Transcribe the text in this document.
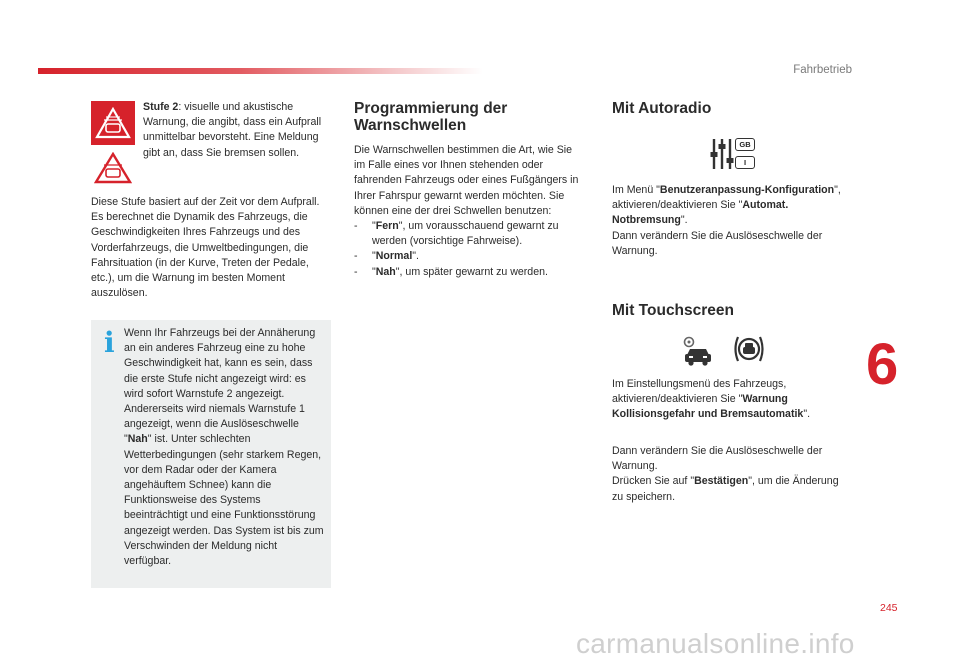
Fahrbetrieb

Stufe 2: visuelle und akustische Warnung, die angibt, dass ein Aufprall unmittelbar bevorsteht. Eine Meldung gibt an, dass Sie bremsen sollen.

Diese Stufe basiert auf der Zeit vor dem Aufprall. Es berechnet die Dynamik des Fahrzeugs, die Geschwindigkeiten Ihres Fahrzeugs und des Vorderfahrzeugs, die Umweltbedingungen, die Fahrsituation (in der Kurve, Treten der Pedale, etc.), um die Warnung im besten Moment auszulösen.

i Wenn Ihr Fahrzeugs bei der Annäherung an ein anderes Fahrzeug eine zu hohe Geschwindigkeit hat, kann es sein, dass die erste Stufe nicht angezeigt wird: es wird sofort Warnstufe 2 angezeigt. Andererseits wird niemals Warnstufe 1 angezeigt, wenn die Auslöseschwelle "Nah" ist. Unter schlechten Wetterbedingungen (sehr starkem Regen, vor dem Radar oder der Kamera angehäuftem Schnee) kann die Funktionsweise des Systems beeinträchtigt und eine Funktionsstörung angezeigt werden. Das System ist bis zum Verschwinden der Meldung nicht verfügbar.

Programmierung der
Warnschwellen

Die Warnschwellen bestimmen die Art, wie Sie im Falle eines vor Ihnen stehenden oder fahrenden Fahrzeugs oder eines Fußgängers in Ihrer Fahrspur gewarnt werden möchten. Sie können eine der drei Schwellen benutzen:

- "Fern", um vorausschauend gewarnt zu werden (vorsichtige Fahrweise).
- "Normal".
- "Nah", um später gewarnt zu werden.
Mit Autoradio
GB
I

Im Menü "Benutzeranpassung-Konfiguration", aktivieren/deaktivieren Sie "Automat. Notbremsung".
Dann verändern Sie die Auslöseschwelle der Warnung.

Mit Touchscreen

Im Einstellungsmenü des Fahrzeugs, aktivieren/deaktivieren Sie "Warnung Kollisionsgefahr und Bremsautomatik".

Dann verändern Sie die Auslöseschwelle der Warnung.
Drücken Sie auf "Bestätigen", um die Änderung zu speichern.

6
245
carmanualsonline.info
